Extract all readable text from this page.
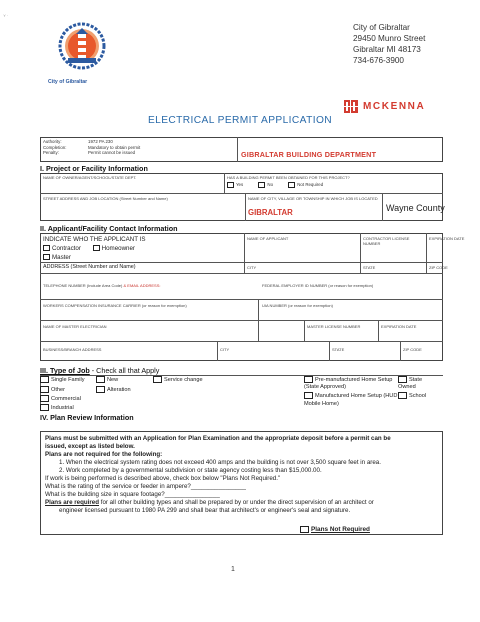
'r' ·
City of Gibraltar
City of Gibraltar
29450 Munro Street
Gibraltar MI 48173
734-676-3900
MCKENNA
ELECTRICAL PERMIT APPLICATION
Authority:	1972 PA 230
Completion:	Mandatory to obtain permit
Penalty:	Permit cannot be issued	GIBRALTAR BUILDING DEPARTMENT
I. Project or Facility Information
NAME OF OWNER/AGENT/SCHOOL/STATE DEPT.	HAS A BUILDING PERMIT BEEN OBTAINED FOR THIS PROJECT?
Yes	No	Not Required
STREET ADDRESS AND JOB LOCATION (Street Number and Name)	NAME OF CITY, VILLAGE OR TOWNSHIP IN WHICH JOB IS LOCATED
GIBRALTAR	Wayne County
II. Applicant/Facility Contact Information
INDICATE WHO THE APPLICANT IS
Contractor	Homeowner
Master
NAME OF APPLICANT	CONTRACTOR LICENSE NUMBER
EXPIRATION DATE
ADDRESS (Street Number and Name)	CITY	STATE	ZIP CODE
TELEPHONE NUMBER (Include Area Code) & EMAIL ADDRESS:	FEDERAL EMPLOYER ID NUMBER (or reason for exemption)
WORKERS COMPENSATION INSURANCE CARRIER (or reason for exemption)	UIA NUMBER (or reason for exemption)
NAME OF MASTER ELECTRICIAN	MASTER LICENSE NUMBER	EXPIRATION DATE
BUSINESS/BRANCH ADDRESS	CITY	STATE	ZIP CODE
III. Type of Job - Check all that Apply
Single Family	New	Service change	Pre-manufactured Home Setup	State
(State Approved)	Owned
Other	Alteration
Manufactured Home Setup (HUD	School
Commercial
Mobile Home)
Industrial
IV. Plan Review Information

Plans must be submitted with an Application for Plan Examination and the appropriate deposit before a permit can be

issued, except as listed below.

Plans are not required for the following:

1. When the electrical system rating does not exceed 400 amps and the building is not over 3,500 square feet in area.

2. Work completed by a governmental subdivision or state agency costing less than $15,000.00.

If work is being performed is described above, check box below "Plans Not Required."

What is the rating of the service or feeder in ampere?________________

What is the building size in square footage?________________

Plans are required for all other building types and shall be prepared by or under the direct supervision of an architect or

engineer licensed pursuant to 1980 PA 299 and shall bear that architect's or engineer's seal and signature.

Plans Not Required
1
